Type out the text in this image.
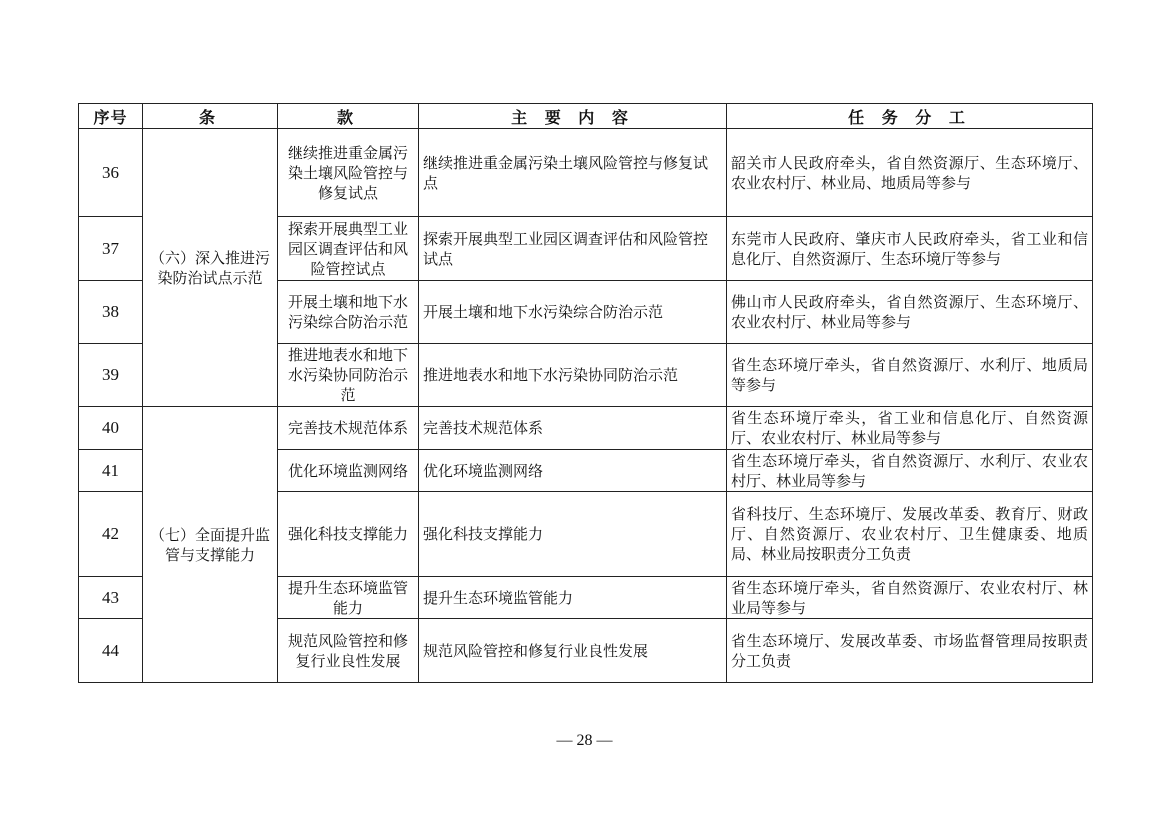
序号	条	款	主 要 内 容	任 务 分 工
36	（六）深入推进污染防治试点示范	继续推进重金属污染土壤风险管控与修复试点	继续推进重金属污染土壤风险管控与修复试点	韶关市人民政府牵头，省自然资源厅、生态环境厅、农业农村厅、林业局、地质局等参与
37		探索开展典型工业园区调查评估和风险管控试点	探索开展典型工业园区调查评估和风险管控试点	东莞市人民政府、肇庆市人民政府牵头，省工业和信息化厅、自然资源厅、生态环境厅等参与
38		开展土壤和地下水污染综合防治示范	开展土壤和地下水污染综合防治示范	佛山市人民政府牵头，省自然资源厅、生态环境厅、农业农村厅、林业局等参与
39		推进地表水和地下水污染协同防治示范	推进地表水和地下水污染协同防治示范	省生态环境厅牵头，省自然资源厅、水利厅、地质局等参与
40	（七）全面提升监管与支撑能力	完善技术规范体系	完善技术规范体系	省生态环境厅牵头，省工业和信息化厅、自然资源厅、农业农村厅、林业局等参与
41		优化环境监测网络	优化环境监测网络	省生态环境厅牵头，省自然资源厅、水利厅、农业农村厅、林业局等参与
42		强化科技支撑能力	强化科技支撑能力	省科技厅、生态环境厅、发展改革委、教育厅、财政厅、自然资源厅、农业农村厅、卫生健康委、地质局、林业局按职责分工负责
43		提升生态环境监管能力	提升生态环境监管能力	省生态环境厅牵头，省自然资源厅、农业农村厅、林业局等参与
44		规范风险管控和修复行业良性发展	规范风险管控和修复行业良性发展	省生态环境厅、发展改革委、市场监督管理局按职责分工负责
— 28 —
